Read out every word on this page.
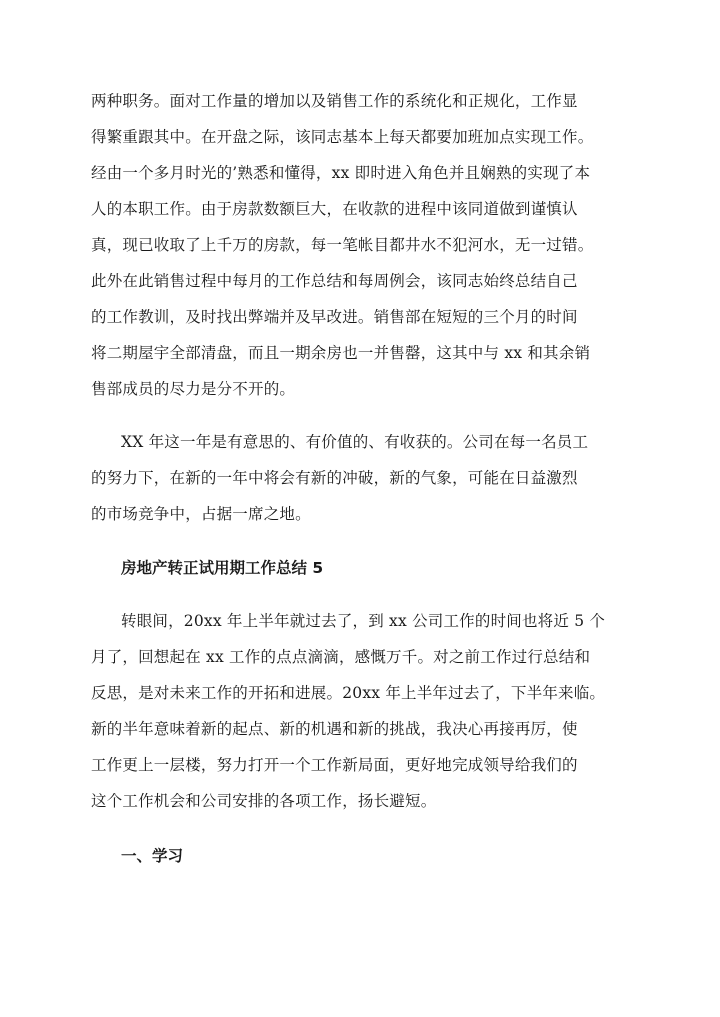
两种职务。面对工作量的增加以及销售工作的系统化和正规化，工作显
得繁重跟其中。在开盘之际，该同志基本上每天都要加班加点实现工作。
经由一个多月时光的’熟悉和懂得，xx 即时进入角色并且娴熟的实现了本
人的本职工作。由于房款数额巨大，在收款的进程中该同道做到谨慎认
真，现已收取了上千万的房款，每一笔帐目都井水不犯河水，无一过错。
此外在此销售过程中每月的工作总结和每周例会，该同志始终总结自己
的工作教训，及时找出弊端并及早改进。销售部在短短的三个月的时间
将二期屋宇全部清盘，而且一期余房也一并售罄，这其中与 xx 和其余销
售部成员的尽力是分不开的。
XX 年这一年是有意思的、有价值的、有收获的。公司在每一名员工
的努力下，在新的一年中将会有新的冲破，新的气象，可能在日益激烈
的市场竞争中，占据一席之地。
房地产转正试用期工作总结 5
转眼间，20xx 年上半年就过去了，到 xx 公司工作的时间也将近 5 个
月了，回想起在 xx 工作的点点滴滴，感慨万千。对之前工作过行总结和
反思，是对未来工作的开拓和进展。20xx 年上半年过去了，下半年来临。
新的半年意味着新的起点、新的机遇和新的挑战，我决心再接再厉，使
工作更上一层楼，努力打开一个工作新局面，更好地完成领导给我们的
这个工作机会和公司安排的各项工作，扬长避短。
一、学习
